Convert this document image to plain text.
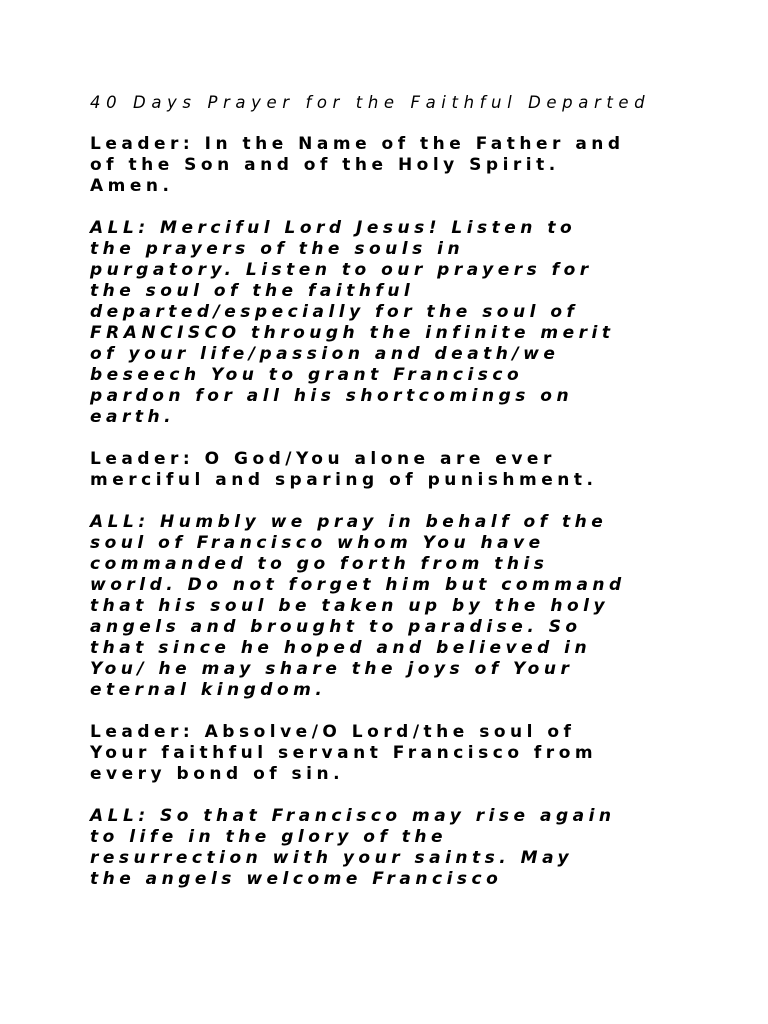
40 Days Prayer for the Faithful Departed
Leader: In the Name of the Father and
of the Son and of the Holy Spirit.
Amen.
ALL: Merciful Lord Jesus! Listen to
the prayers of the souls in
purgatory. Listen to our prayers for
the soul of the faithful
departed/especially for the soul of
FRANCISCO through the infinite merit
of your life/passion and death/we
beseech You to grant Francisco
pardon for all his shortcomings on
earth.
Leader: O God/You alone are ever
merciful and sparing of punishment.
ALL: Humbly we pray in behalf of the
soul of Francisco whom You have
commanded to go forth from this
world. Do not forget him but command
that his soul be taken up by the holy
angels and brought to paradise. So
that since he hoped and believed in
You/ he may share the joys of Your
eternal kingdom.
Leader: Absolve/O Lord/the soul of
Your faithful servant Francisco from
every bond of sin.
ALL: So that Francisco may rise again
to life in the glory of the
resurrection with your saints. May
the angels welcome Francisco
